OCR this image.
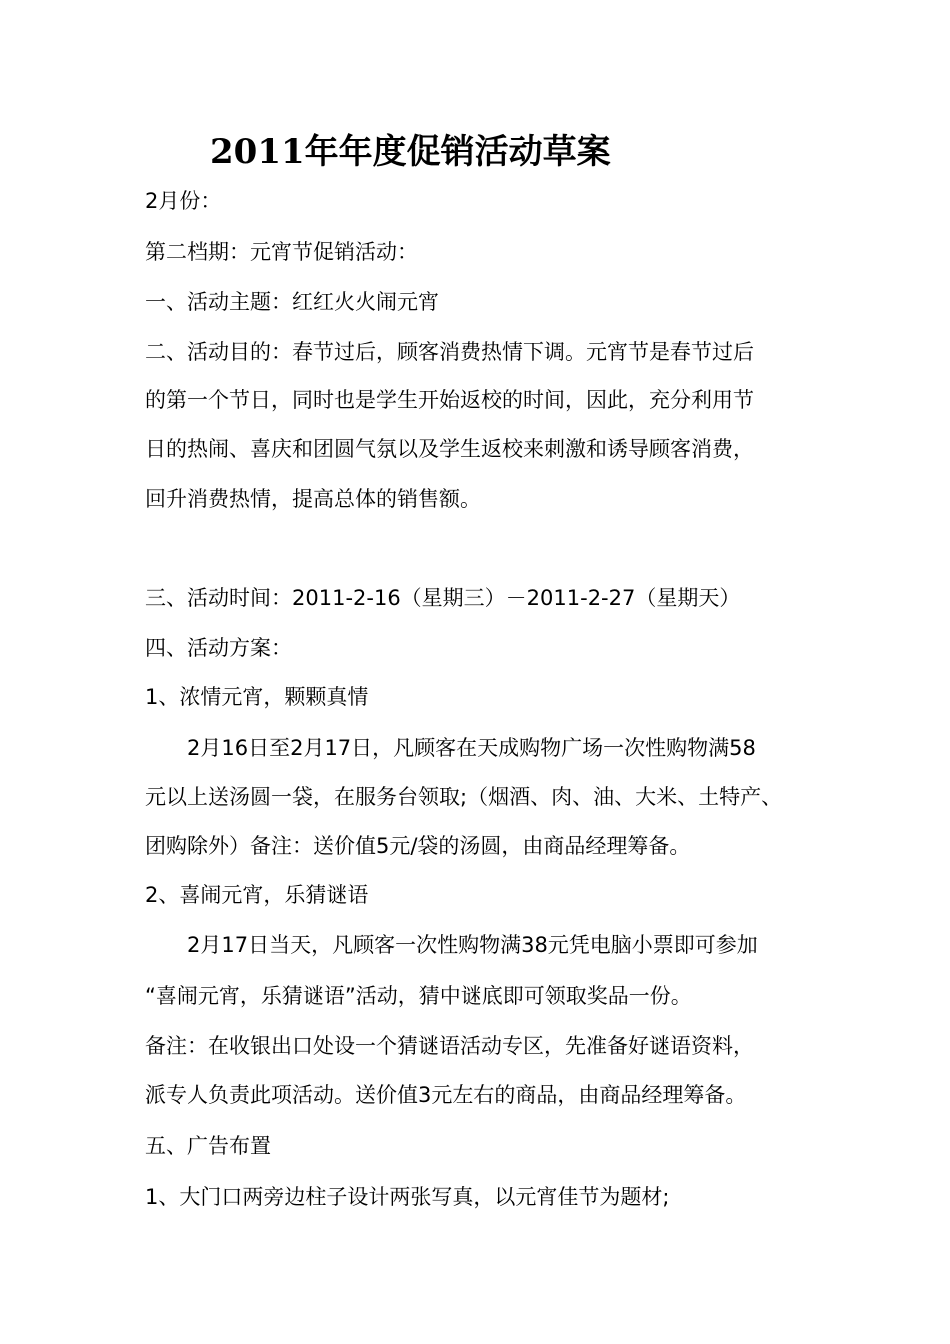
2011年年度促销活动草案
2月份：
第二档期：元宵节促销活动：
一、活动主题：红红火火闹元宵
二、活动目的：春节过后，顾客消费热情下调。元宵节是春节过后
的第一个节日，同时也是学生开始返校的时间，因此，充分利用节
日的热闹、喜庆和团圆气氛以及学生返校来刺激和诱导顾客消费，
回升消费热情，提高总体的销售额。
三、活动时间：2011-2-16（星期三）－2011-2-27（星期天）
四、活动方案：
1、浓情元宵，颗颗真情
2月16日至2月17日，凡顾客在天成购物广场一次性购物满58
元以上送汤圆一袋，在服务台领取;（烟酒、肉、油、大米、土特产、
团购除外）备注：送价值5元/袋的汤圆，由商品经理筹备。
2、喜闹元宵，乐猜谜语
2月17日当天，凡顾客一次性购物满38元凭电脑小票即可参加
“喜闹元宵，乐猜谜语”活动，猜中谜底即可领取奖品一份。
备注：在收银出口处设一个猜谜语活动专区，先准备好谜语资料，
派专人负责此项活动。送价值3元左右的商品，由商品经理筹备。
五、广告布置
1、大门口两旁边柱子设计两张写真，以元宵佳节为题材;
